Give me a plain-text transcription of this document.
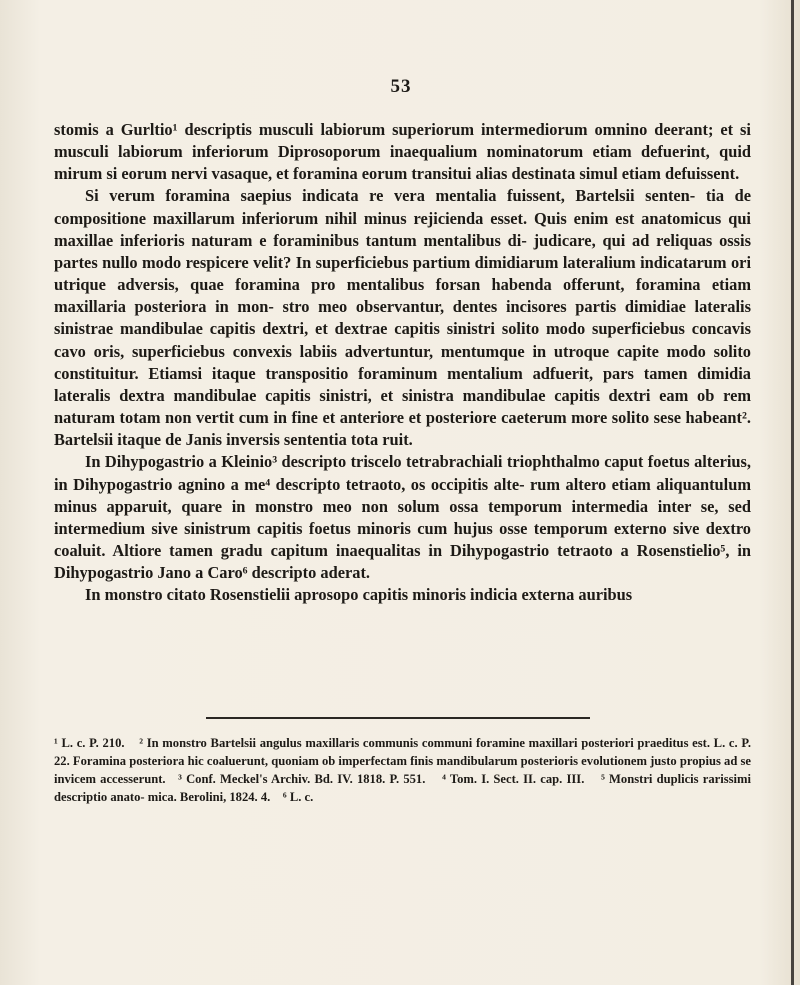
53

stomis a Gurltio¹ descriptis musculi labiorum superiorum intermediorum omnino deerant; et si musculi labiorum inferiorum Diprosoporum inaequalium nominatorum etiam defuerint, quid mirum si eorum nervi vasaque, et foramina eorum transitui alias destinata simul etiam defuissent.

Si verum foramina saepius indicata re vera mentalia fuissent, Bartelsii senten- tia de compositione maxillarum inferiorum nihil minus rejicienda esset. Quis enim est anatomicus qui maxillae inferioris naturam e foraminibus tantum mentalibus di- judicare, qui ad reliquas ossis partes nullo modo respicere velit? In superficiebus partium dimidiarum lateralium indicatarum ori utrique adversis, quae foramina pro mentalibus forsan habenda offerunt, foramina etiam maxillaria posteriora in mon- stro meo observantur, dentes incisores partis dimidiae lateralis sinistrae mandibulae capitis dextri, et dextrae capitis sinistri solito modo superficiebus concavis cavo oris, superficiebus convexis labiis advertuntur, mentumque in utroque capite modo solito constituitur. Etiamsi itaque transpositio foraminum mentalium adfuerit, pars tamen dimidia lateralis dextra mandibulae capitis sinistri, et sinistra mandibulae capitis dextri eam ob rem naturam totam non vertit cum in fine et anteriore et posteriore caeterum more solito sese habeant². Bartelsii itaque de Janis inversis sententia tota ruit.

In Dihypogastrio a Kleinio³ descripto triscelo tetrabrachiali triophthalmo caput foetus alterius, in Dihypogastrio agnino a me⁴ descripto tetraoto, os occipitis alte- rum altero etiam aliquantulum minus apparuit, quare in monstro meo non solum ossa temporum intermedia inter se, sed intermedium sive sinistrum capitis foetus minoris cum hujus osse temporum externo sive dextro coaluit. Altiore tamen gradu capitum inaequalitas in Dihypogastrio tetraoto a Rosenstielio⁵, in Dihypogastrio Jano a Caro⁶ descripto aderat.

In monstro citato Rosenstielii aprosopo capitis minoris indicia externa auribus

¹ L. c. P. 210. ² In monstro Bartelsii angulus maxillaris communis communi foramine maxillari posteriori praeditus est. L. c. P. 22. Foramina posteriora hic coaluerunt, quoniam ob imperfectam finis mandibularum posterioris evolutionem justo propius ad se invicem accesserunt. ³ Conf. Meckel's Archiv. Bd. IV. 1818. P. 551. ⁴ Tom. I. Sect. II. cap. III. ⁵ Monstri duplicis rarissimi descriptio anato- mica. Berolini, 1824. 4. ⁶ L. c.
